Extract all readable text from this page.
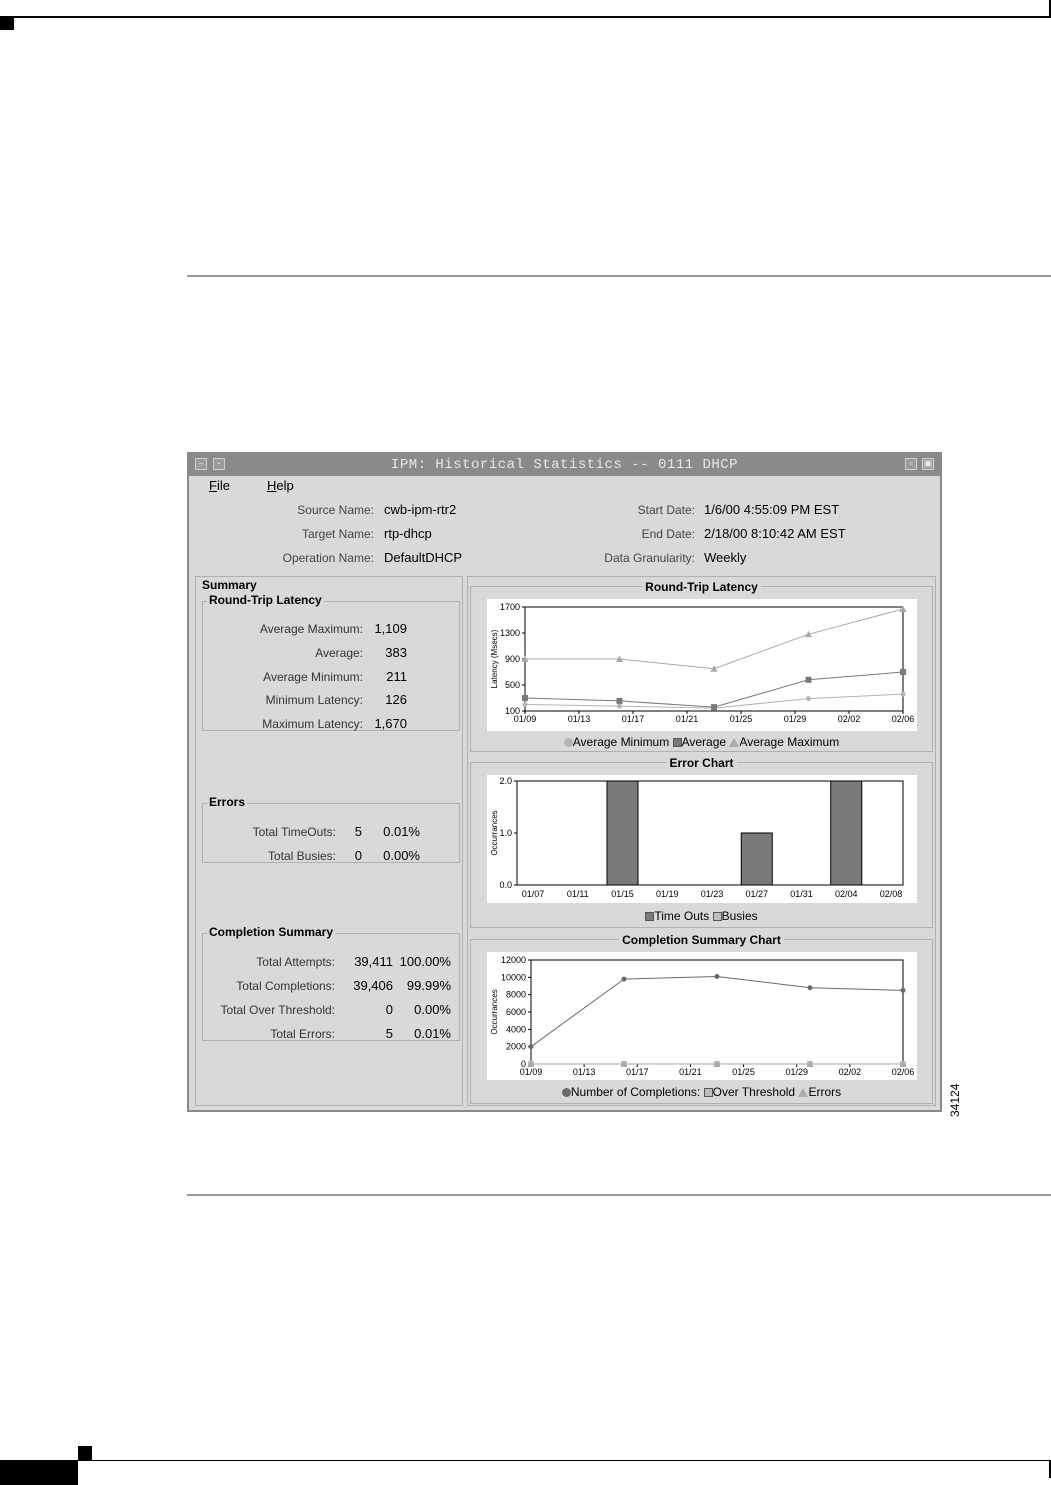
34124
–	-	IPM: Historical Statistics -- 0111 DHCP	▫	▣
File	Help
Source Name: cwb-ipm-rtr2
Target Name: rtp-dhcp
Operation Name: DefaultDHCP
Start Date: 1/6/00 4:55:09 PM EST
End Date: 2/18/00 8:10:42 AM EST
Data Granularity: Weekly
Summary
Round-Trip Latency
Average Maximum: 1,109
Average:	383
Average Minimum:	211
Minimum Latency:	126
Maximum Latency: 1,670
Errors
Total TimeOuts:	5	0.01%
Total Busies:	0	0.00%
Completion Summary
Total Attempts:	39,411 100.00%
Total Completions:	39,406	99.99%
Total Over Threshold:	0	0.00%
Total Errors:	5	0.01%
Round-Trip Latency
100
500
900
1300
1700
01/09	01/13	01/17	01/21	01/25	01/29	02/02	02/06
Latency (Msecs)
Average Minimum Average Average Maximum
Error Chart
0.0
1.0
2.0
01/07	01/11	01/15 01/19 01/23 01/27 01/31 02/04 02/08
Occurrances
Time Outs Busies
Completion Summary Chart
0
2000
4000
6000
8000
10000
12000
01/09	01/13	01/17	01/21	01/25	01/29	02/02	02/06
Occurrances
Number of Completions: Over Threshold Errors
